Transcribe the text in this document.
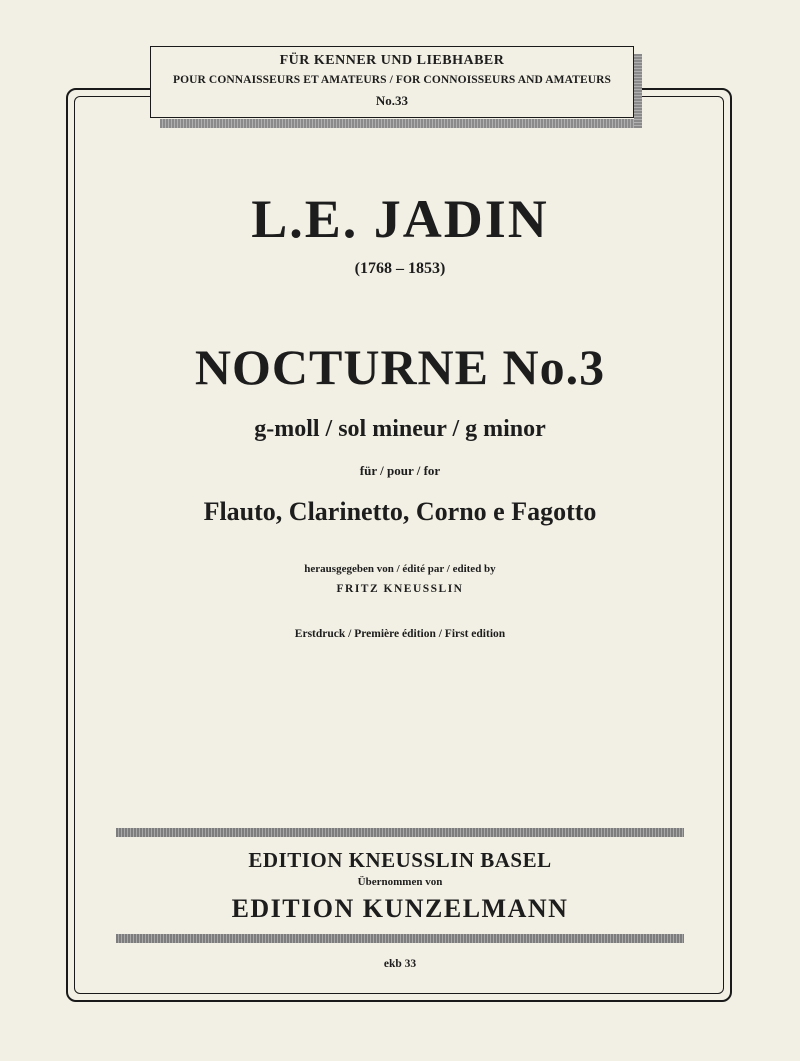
FÜR KENNER UND LIEBHABER
POUR CONNAISSEURS ET AMATEURS / FOR CONNOISSEURS AND AMATEURS
No.33
L.E. JADIN
(1768 – 1853)
NOCTURNE No.3
g-moll / sol mineur / g minor
für / pour / for
Flauto, Clarinetto, Corno e Fagotto
herausgegeben von / édité par / edited by
FRITZ KNEUSSLIN
Erstdruck / Première édition / First edition
EDITION KNEUSSLIN BASEL
Übernommen von
EDITION KUNZELMANN
ekb 33
